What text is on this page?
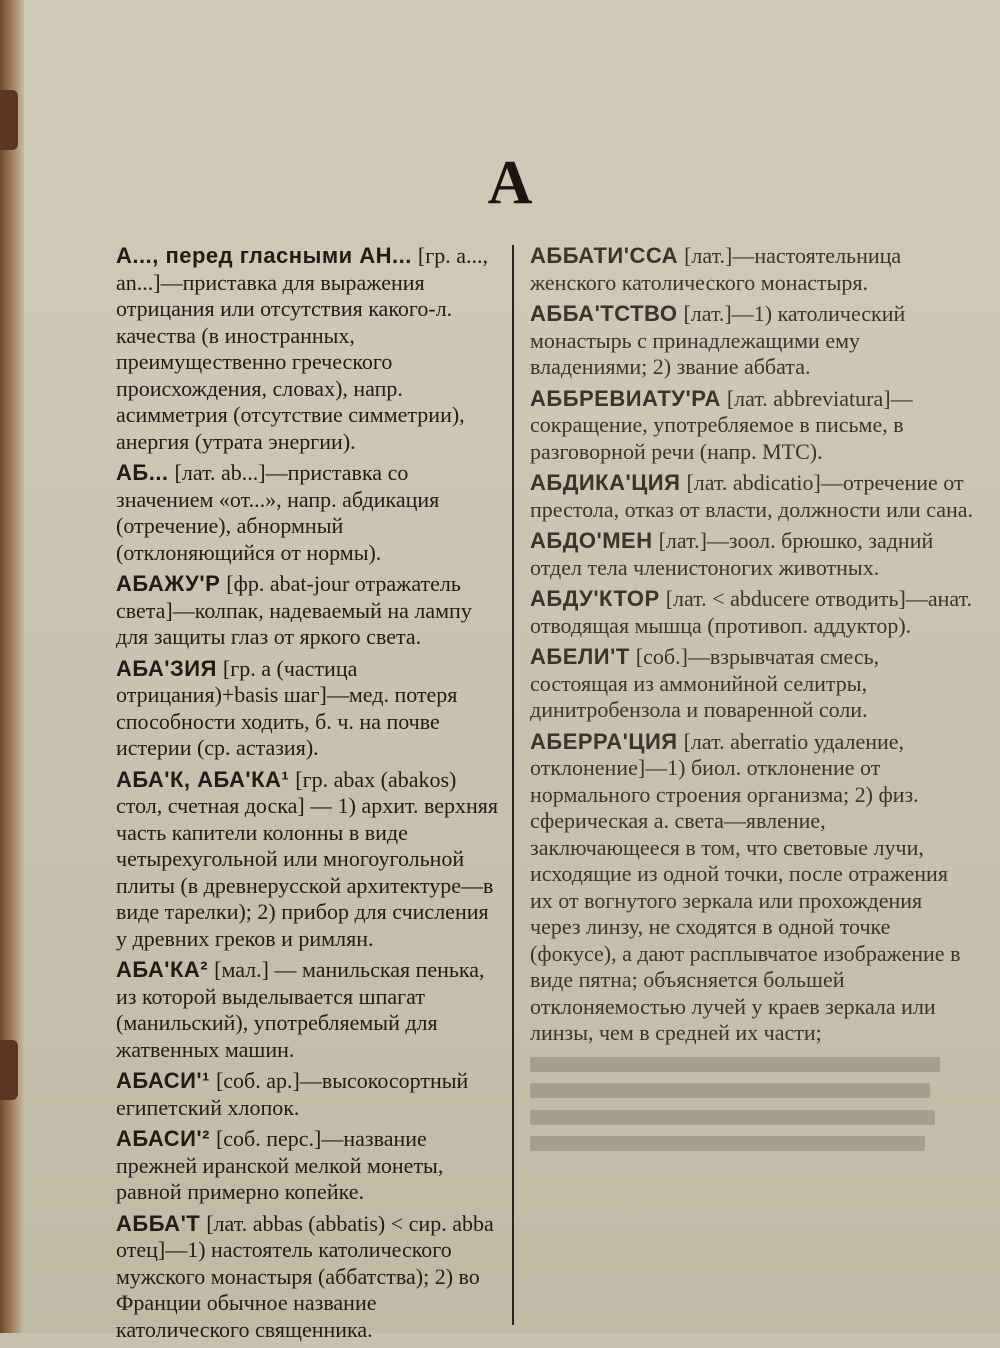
А
А..., перед гласными АН... [гр. a..., an...]—приставка для выражения отрицания или отсутствия какого-л. качества (в иностранных, преимущественно греческого происхождения, словах), напр. асимметрия (отсутствие симметрии), анергия (утрата энергии).
АБ... [лат. ab...]—приставка со значением «от...», напр. абдикация (отречение), абнормный (отклоняющийся от нормы).
АБАЖУ'Р [фр. abat-jour отражатель света]—колпак, надеваемый на лампу для защиты глаз от яркого света.
АБА'ЗИЯ [гр. a (частица отрицания)+basis шаг]—мед. потеря способности ходить, б. ч. на почве истерии (ср. астазия).
АБА'К, АБА'КА¹ [гр. abax (abakos) стол, счетная доска] — 1) архит. верхняя часть капители колонны в виде четырехугольной или многоугольной плиты (в древнерусской архитектуре—в виде тарелки); 2) прибор для счисления у древних греков и римлян.
АБА'КА² [мал.] — манильская пенька, из которой выделывается шпагат (манильский), употребляемый для жатвенных машин.
АБАСИ'¹ [соб. ар.]—высокосортный египетский хлопок.
АБАСИ'² [соб. перс.]—название прежней иранской мелкой монеты, равной примерно копейке.
АББА'Т [лат. abbas (abbatis) < сир. abba отец]—1) настоятель католического мужского монастыря (аббатства); 2) во Франции обычное название католического священника.
АББАТИ'ССА [лат.]—настоятельница женского католического монастыря.
АББА'ТСТВО [лат.]—1) католический монастырь с принадлежащими ему владениями; 2) звание аббата.
АББРЕВИАТУ'РА [лат. abbreviatura]—сокращение, употребляемое в письме, в разговорной речи (напр. МТС).
АБДИКА'ЦИЯ [лат. abdicatio]—отречение от престола, отказ от власти, должности или сана.
АБДО'МЕН [лат.]—зоол. брюшко, задний отдел тела членистоногих животных.
АБДУ'КТОР [лат. < abducere отводить]—анат. отводящая мышца (противоп. аддуктор).
АБЕЛИ'Т [соб.]—взрывчатая смесь, состоящая из аммонийной селитры, динитробензола и поваренной соли.
АБЕРРА'ЦИЯ [лат. aberratio удаление, отклонение]—1) биол. отклонение от нормального строения организма; 2) физ. сферическая а. света—явление, заключающееся в том, что световые лучи, исходящие из одной точки, после отражения их от вогнутого зеркала или прохождения через линзу, не сходятся в одной точке (фокусе), а дают расплывчатое изображение в виде пятна; объясняется большей отклоняемостью лучей у краев зеркала или линзы, чем в средней их части;
